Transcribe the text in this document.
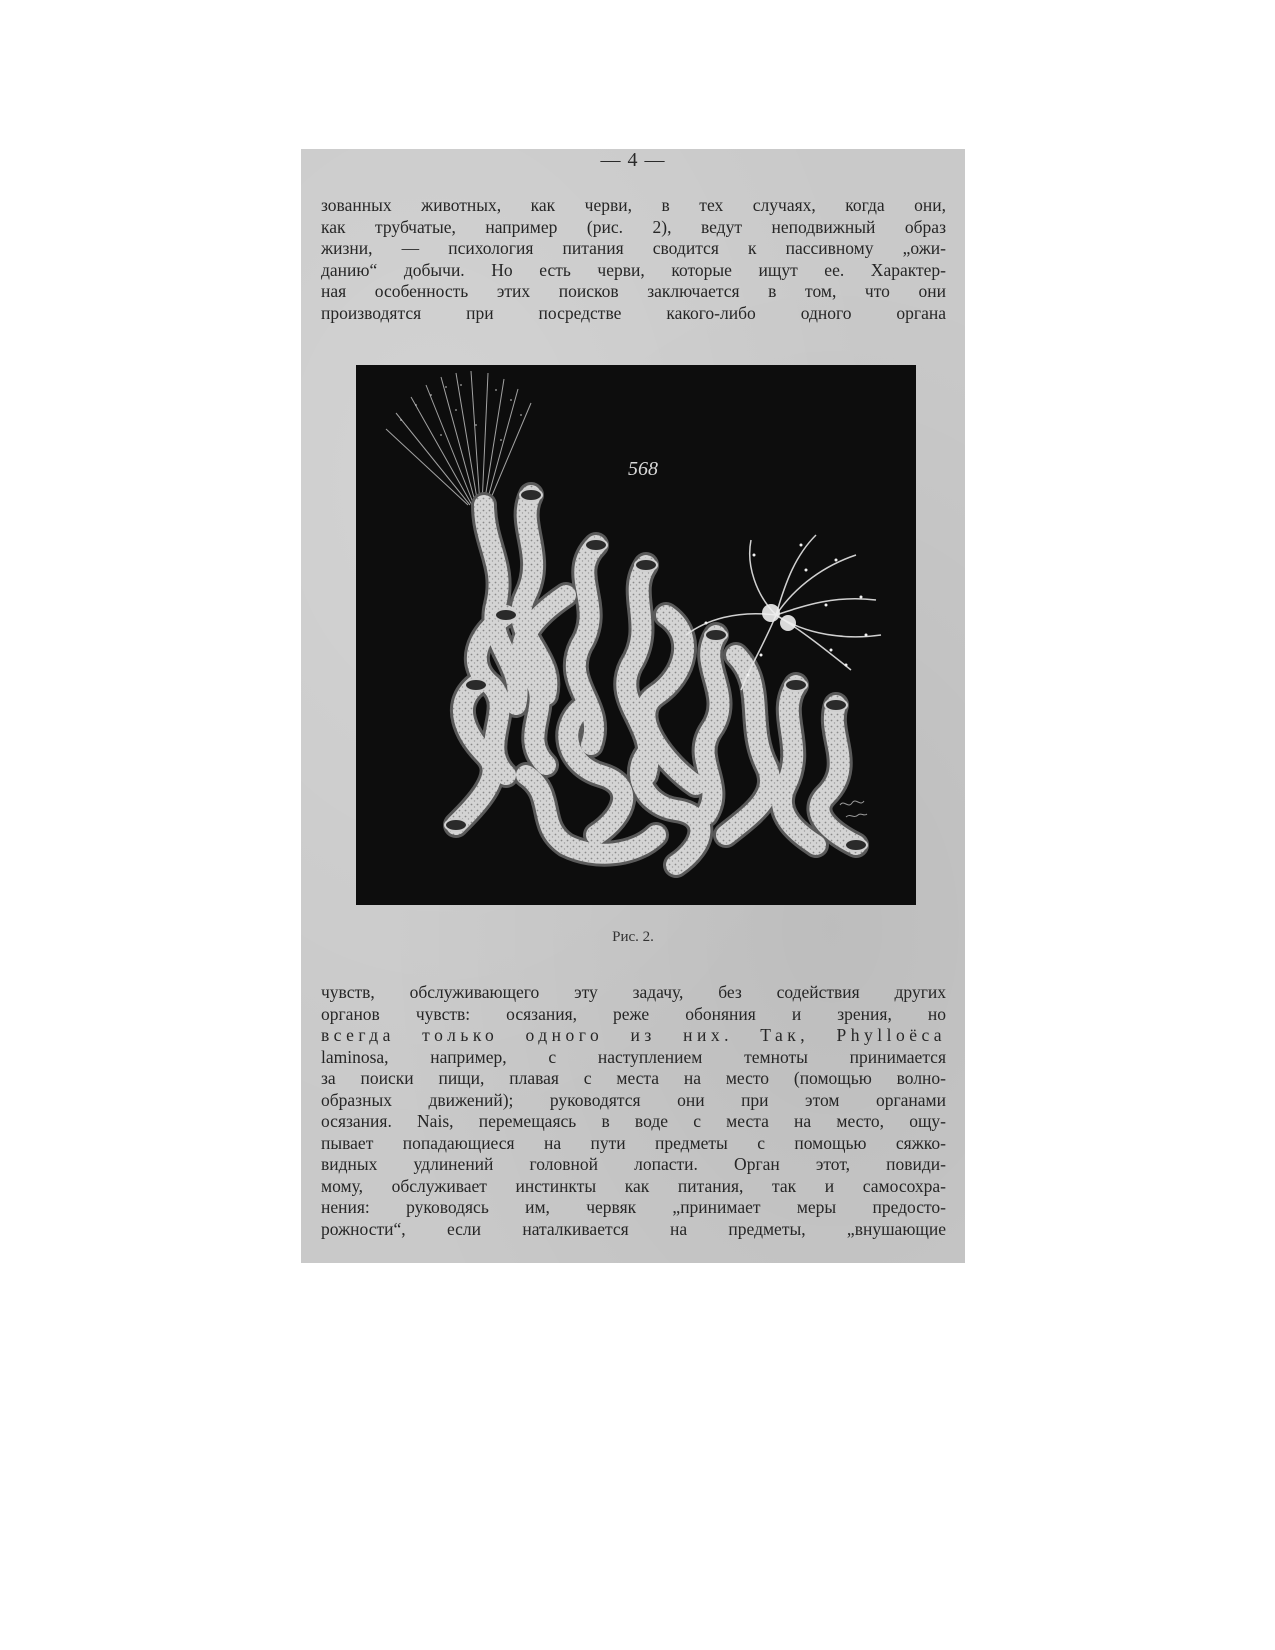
— 4 —
зованных животных, как черви, в тех случаях, когда они,
как трубчатые, например (рис. 2), ведут неподвижный образ
жизни, — психология питания сводится к пассивному „ожи-
данию“ добычи. Но есть черви, которые ищут ее. Характер-
ная особенность этих поисков заключается в том, что они
производятся при посредстве какого-либо одного органа
568
Рис. 2.
чувств, обслуживающего эту задачу, без содействия других
органов чувств: осязания, реже обоняния и зрения, но
всегда только одного из них. Так, Phylloëca
laminosa, например, с наступлением темноты принимается
за поиски пищи, плавая с места на место (помощью волно-
образных движений); руководятся они при этом органами
осязания. Nais, перемещаясь в воде с места на место, ощу-
пывает попадающиеся на пути предметы с помощью сяжко-
видных удлинений головной лопасти. Орган этот, повиди-
мому, обслуживает инстинкты как питания, так и самосохра-
нения: руководясь им, червяк „принимает меры предосто-
рожности“, если наталкивается на предметы, „внушающие
